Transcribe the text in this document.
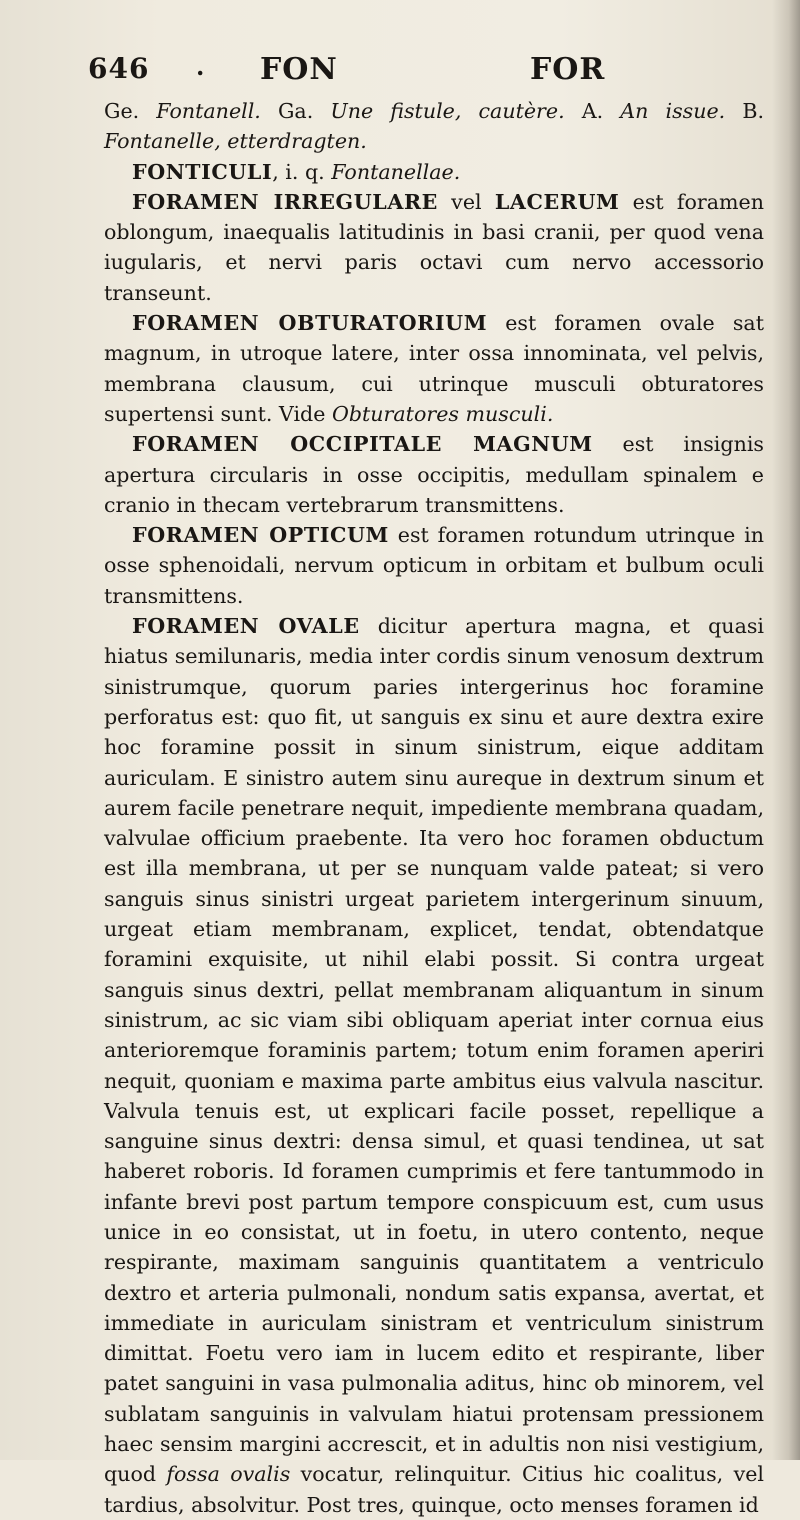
646 . FON	FOR

Ge. Fontanell. Ga. Une fistule, cautère. A. An issue. B. Fontanelle, etterdragten.

FONTICULI, i. q. Fontanellae.

FORAMEN IRREGULARE vel LACERUM est foramen oblongum, inaequalis latitudinis in basi cranii, per quod vena iugularis, et nervi paris octavi cum nervo accessorio transeunt.

FORAMEN OBTURATORIUM est foramen ovale sat magnum, in utroque latere, inter ossa innominata, vel pelvis, membrana clausum, cui utrinque musculi obturatores supertensi sunt. Vide Obturatores musculi.

FORAMEN OCCIPITALE MAGNUM est insignis apertura circularis in osse occipitis, medullam spinalem e cranio in thecam vertebrarum transmittens.

FORAMEN OPTICUM est foramen rotundum utrinque in osse sphenoidali, nervum opticum in orbitam et bulbum oculi transmittens.

FORAMEN OVALE dicitur apertura magna, et quasi hiatus semilunaris, media inter cordis sinum venosum dextrum sinistrumque, quorum paries intergerinus hoc foramine perforatus est: quo fit, ut sanguis ex sinu et aure dextra exire hoc foramine possit in sinum sinistrum, eique additam auriculam. E sinistro autem sinu aureque in dextrum sinum et aurem facile penetrare nequit, impediente membrana quadam, valvulae officium praebente. Ita vero hoc foramen obductum est illa membrana, ut per se nunquam valde pateat; si vero sanguis sinus sinistri urgeat parietem intergerinum sinuum, urgeat etiam membranam, explicet, tendat, obtendatque foramini exquisite, ut nihil elabi possit. Si contra urgeat sanguis sinus dextri, pellat membranam aliquantum in sinum sinistrum, ac sic viam sibi obliquam aperiat inter cornua eius anterioremque foraminis partem; totum enim foramen aperiri nequit, quoniam e maxima parte ambitus eius valvula nascitur. Valvula tenuis est, ut explicari facile posset, repellique a sanguine sinus dextri: densa simul, et quasi tendinea, ut sat haberet roboris. Id foramen cumprimis et fere tantummodo in infante brevi post partum tempore conspicuum est, cum usus unice in eo consistat, ut in foetu, in utero contento, neque respirante, maximam sanguinis quantitatem a ventriculo dextro et arteria pulmonali, nondum satis expansa, avertat, et immediate in auriculam sinistram et ventriculum sinistrum dimittat. Foetu vero iam in lucem edito et respirante, liber patet sanguini in vasa pulmonalia aditus, hinc ob minorem, vel sublatam sanguinis in valvulam hiatui protensam pressionem haec sensim margini accrescit, et in adultis non nisi vestigium, quod fossa ovalis vocatur, relinquitur. Citius hic coalitus, vel tardius, absolvitur. Post tres, quinque, octo menses foramen id
